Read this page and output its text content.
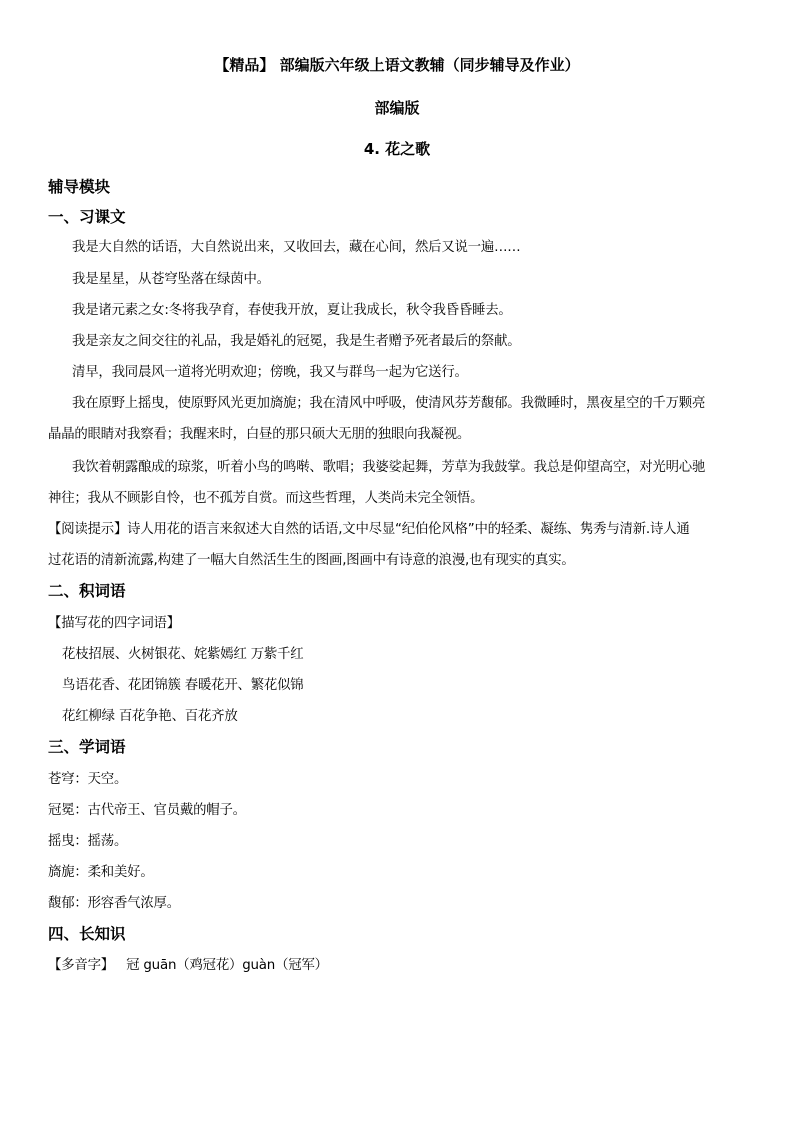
【精品】 部编版六年级上语文教辅（同步辅导及作业）
部编版
4. 花之歌
辅导模块
一、习课文
我是大自然的话语，大自然说出来，又收回去，藏在心间，然后又说一遍……
我是星星，从苍穹坠落在绿茵中。
我是诸元素之女:冬将我孕育，春使我开放，夏让我成长，秋令我昏昏睡去。
我是亲友之间交往的礼品，我是婚礼的冠冕，我是生者赠予死者最后的祭献。
清早，我同晨风一道将光明欢迎；傍晚，我又与群鸟一起为它送行。
我在原野上摇曳，使原野风光更加旖旎；我在清风中呼吸，使清风芬芳馥郁。我微睡时，黑夜星空的千万颗亮
晶晶的眼睛对我察看；我醒来时，白昼的那只硕大无朋的独眼向我凝视。
我饮着朝露酿成的琼浆，听着小鸟的鸣啭、歌唱；我婆娑起舞，芳草为我鼓掌。我总是仰望高空，对光明心驰
神往；我从不顾影自怜，也不孤芳自赏。而这些哲理，人类尚未完全领悟。
【阅读提示】诗人用花的语言来叙述大自然的话语,文中尽显“纪伯伦风格”中的轻柔、凝练、隽秀与清新.诗人通
过花语的清新流露,构建了一幅大自然活生生的图画,图画中有诗意的浪漫,也有现实的真实。
二、积词语
【描写花的四字词语】
花枝招展、火树银花、姹紫嫣红 万紫千红
鸟语花香、花团锦簇 春暖花开、繁花似锦
花红柳绿 百花争艳、百花齐放
三、学词语
苍穹：天空。
冠冕：古代帝王、官员戴的帽子。
摇曳：摇荡。
旖旎：柔和美好。
馥郁：形容香气浓厚。
四、长知识
【多音字】 冠 guān（鸡冠花）guàn（冠军）
